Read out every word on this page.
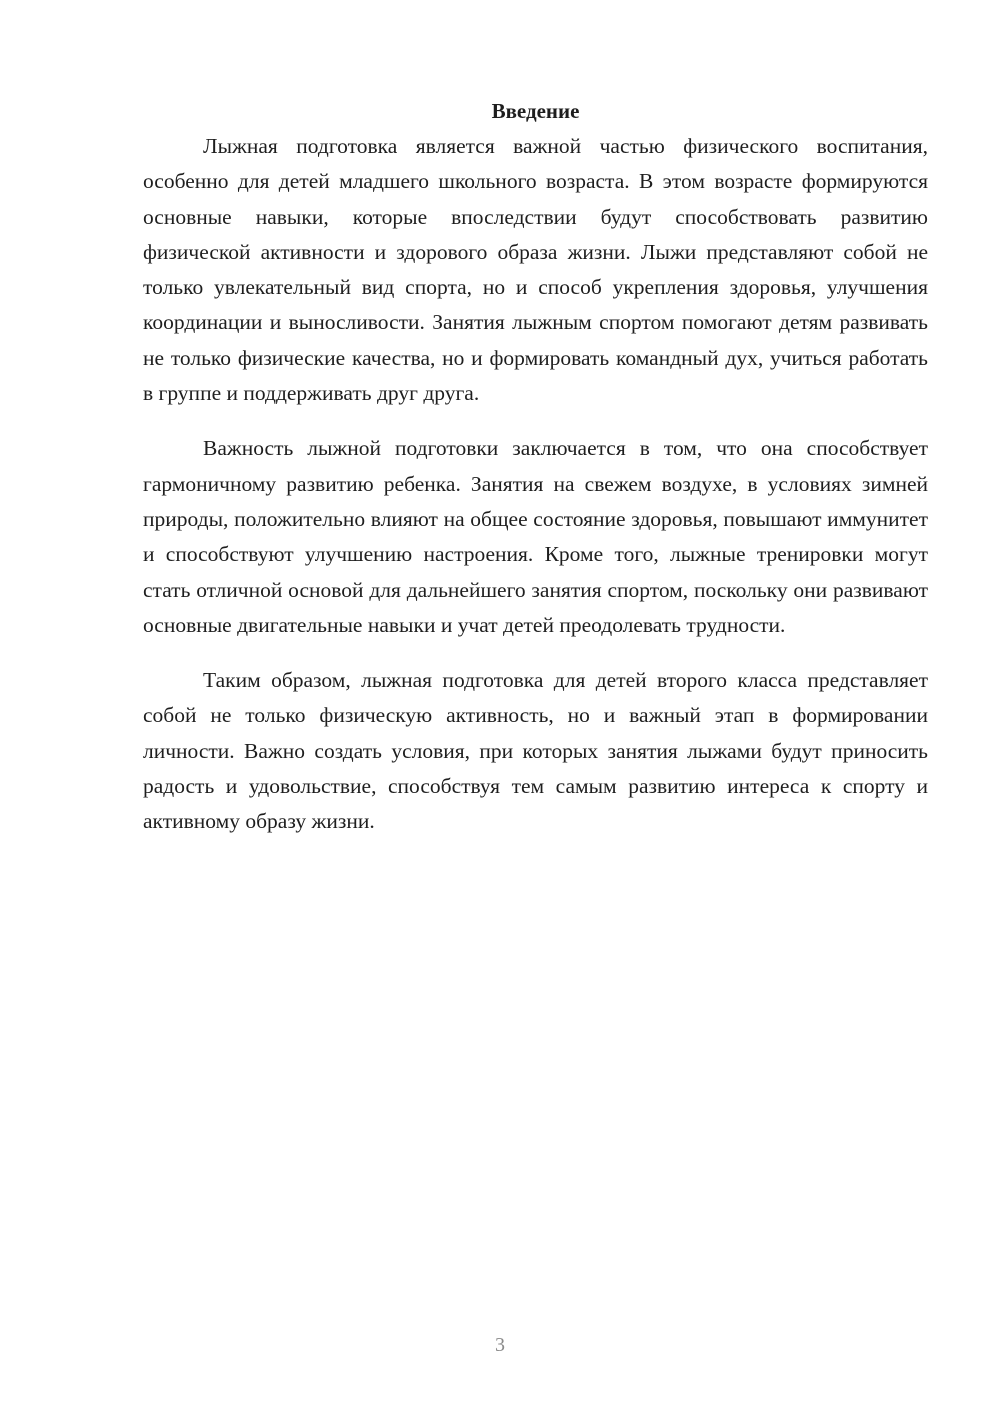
Введение

Лыжная подготовка является важной частью физического воспитания, особенно для детей младшего школьного возраста. В этом возрасте формируются основные навыки, которые впоследствии будут способствовать развитию физической активности и здорового образа жизни. Лыжи представляют собой не только увлекательный вид спорта, но и способ укрепления здоровья, улучшения координации и выносливости. Занятия лыжным спортом помогают детям развивать не только физические качества, но и формировать командный дух, учиться работать в группе и поддерживать друг друга.

Важность лыжной подготовки заключается в том, что она способствует гармоничному развитию ребенка. Занятия на свежем воздухе, в условиях зимней природы, положительно влияют на общее состояние здоровья, повышают иммунитет и способствуют улучшению настроения. Кроме того, лыжные тренировки могут стать отличной основой для дальнейшего занятия спортом, поскольку они развивают основные двигательные навыки и учат детей преодолевать трудности.

Таким образом, лыжная подготовка для детей второго класса представляет собой не только физическую активность, но и важный этап в формировании личности. Важно создать условия, при которых занятия лыжами будут приносить радость и удовольствие, способствуя тем самым развитию интереса к спорту и активному образу жизни.

3
